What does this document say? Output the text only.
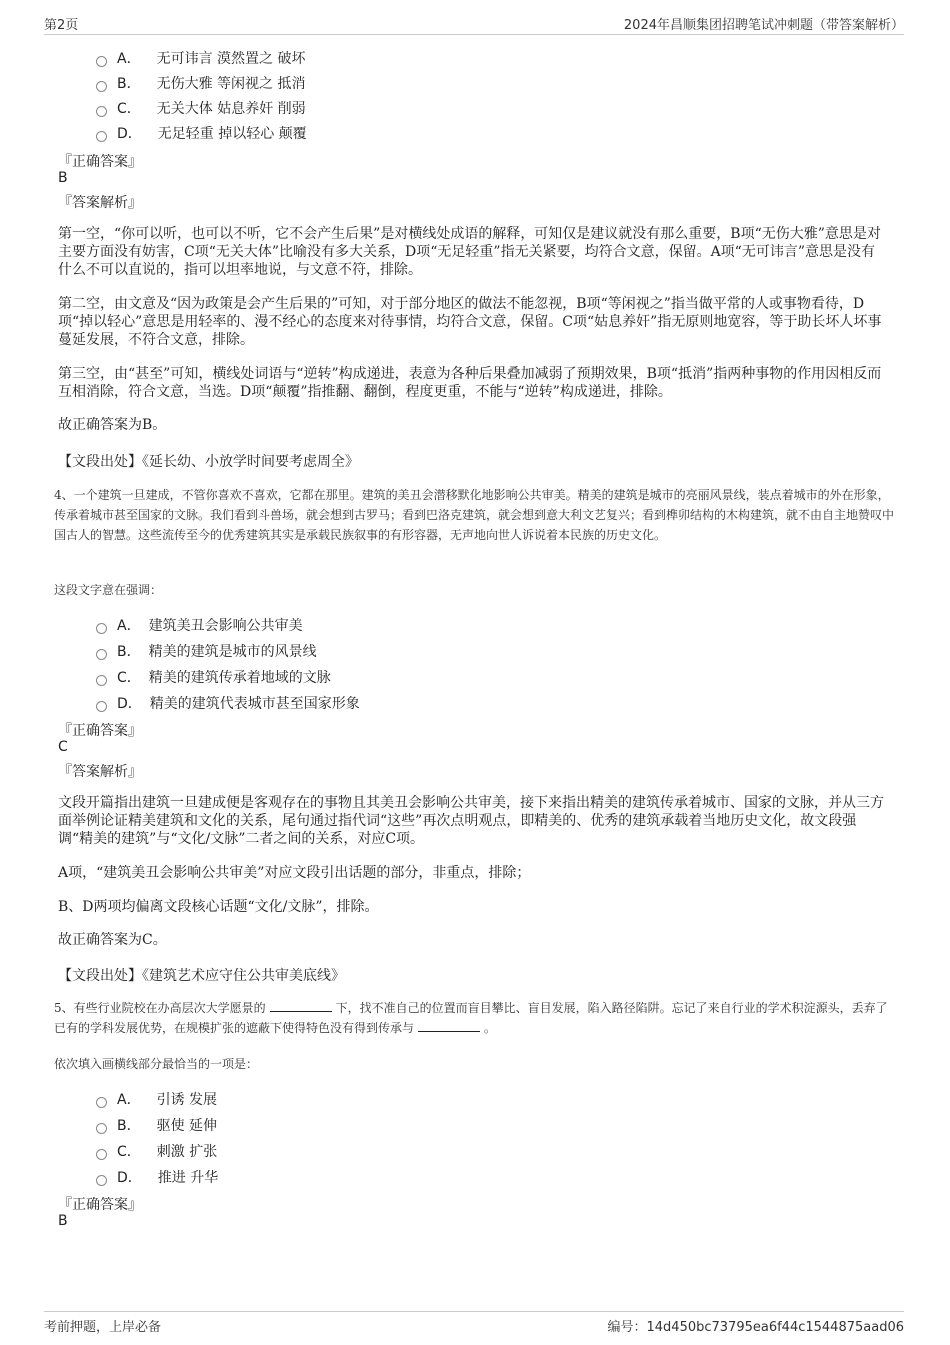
第2页	2024年昌顺集团招聘笔试冲刺题（带答案解析）
A． 无可讳言 漠然置之 破坏
B． 无伤大雅 等闲视之 抵消
C． 无关大体 姑息养奸 削弱
D． 无足轻重 掉以轻心 颠覆
『正确答案』
B
『答案解析』
第一空，“你可以听，也可以不听，它不会产生后果”是对横线处成语的解释，可知仅是建议就没有那么重要，B项“无伤大雅”意思是对主要方面没有妨害，C项“无关大体”比喻没有多大关系，D项“无足轻重”指无关紧要，均符合文意，保留。A项“无可讳言”意思是没有什么不可以直说的，指可以坦率地说，与文意不符，排除。
第二空，由文意及“因为政策是会产生后果的”可知，对于部分地区的做法不能忽视，B项“等闲视之”指当做平常的人或事物看待，D项“掉以轻心”意思是用轻率的、漫不经心的态度来对待事情，均符合文意，保留。C项“姑息养奸”指无原则地宽容，等于助长坏人坏事蔓延发展，不符合文意，排除。
第三空，由“甚至”可知，横线处词语与“逆转”构成递进，表意为各种后果叠加减弱了预期效果，B项“抵消”指两种事物的作用因相反而互相消除，符合文意，当选。D项“颠覆”指推翻、翻倒，程度更重，不能与“逆转”构成递进，排除。
故正确答案为B。
【文段出处】《延长幼、小放学时间要考虑周全》
4、一个建筑一旦建成，不管你喜欢不喜欢，它都在那里。建筑的美丑会潜移默化地影响公共审美。精美的建筑是城市的亮丽风景线，装点着城市的外在形象，传承着城市甚至国家的文脉。我们看到斗兽场，就会想到古罗马；看到巴洛克建筑，就会想到意大利文艺复兴；看到榫卯结构的木构建筑，就不由自主地赞叹中国古人的智慧。这些流传至今的优秀建筑其实是承载民族叙事的有形容器，无声地向世人诉说着本民族的历史文化。
这段文字意在强调：
A． 建筑美丑会影响公共审美
B． 精美的建筑是城市的风景线
C． 精美的建筑传承着地域的文脉
D． 精美的建筑代表城市甚至国家形象
『正确答案』
C
『答案解析』
文段开篇指出建筑一旦建成便是客观存在的事物且其美丑会影响公共审美，接下来指出精美的建筑传承着城市、国家的文脉，并从三方面举例论证精美建筑和文化的关系，尾句通过指代词“这些”再次点明观点，即精美的、优秀的建筑承载着当地历史文化，故文段强调“精美的建筑”与“文化/文脉”二者之间的关系，对应C项。
A项，“建筑美丑会影响公共审美”对应文段引出话题的部分，非重点，排除；
B、D两项均偏离文段核心话题“文化/文脉”，排除。
故正确答案为C。
【文段出处】《建筑艺术应守住公共审美底线》
5、有些行业院校在办高层次大学愿景的	下，找不准自己的位置而盲目攀比、盲目发展，陷入路径陷阱。忘记了来自行业的学术积淀源头，丢弃了已有的学科发展优势，在规模扩张的遮蔽下使得特色没有得到传承与	。
依次填入画横线部分最恰当的一项是：
A． 引诱 发展
B． 驱使 延伸
C． 刺激 扩张
D． 推进 升华
『正确答案』
B
考前押题，上岸必备	编号：14d450bc73795ea6f44c1544875aad06
